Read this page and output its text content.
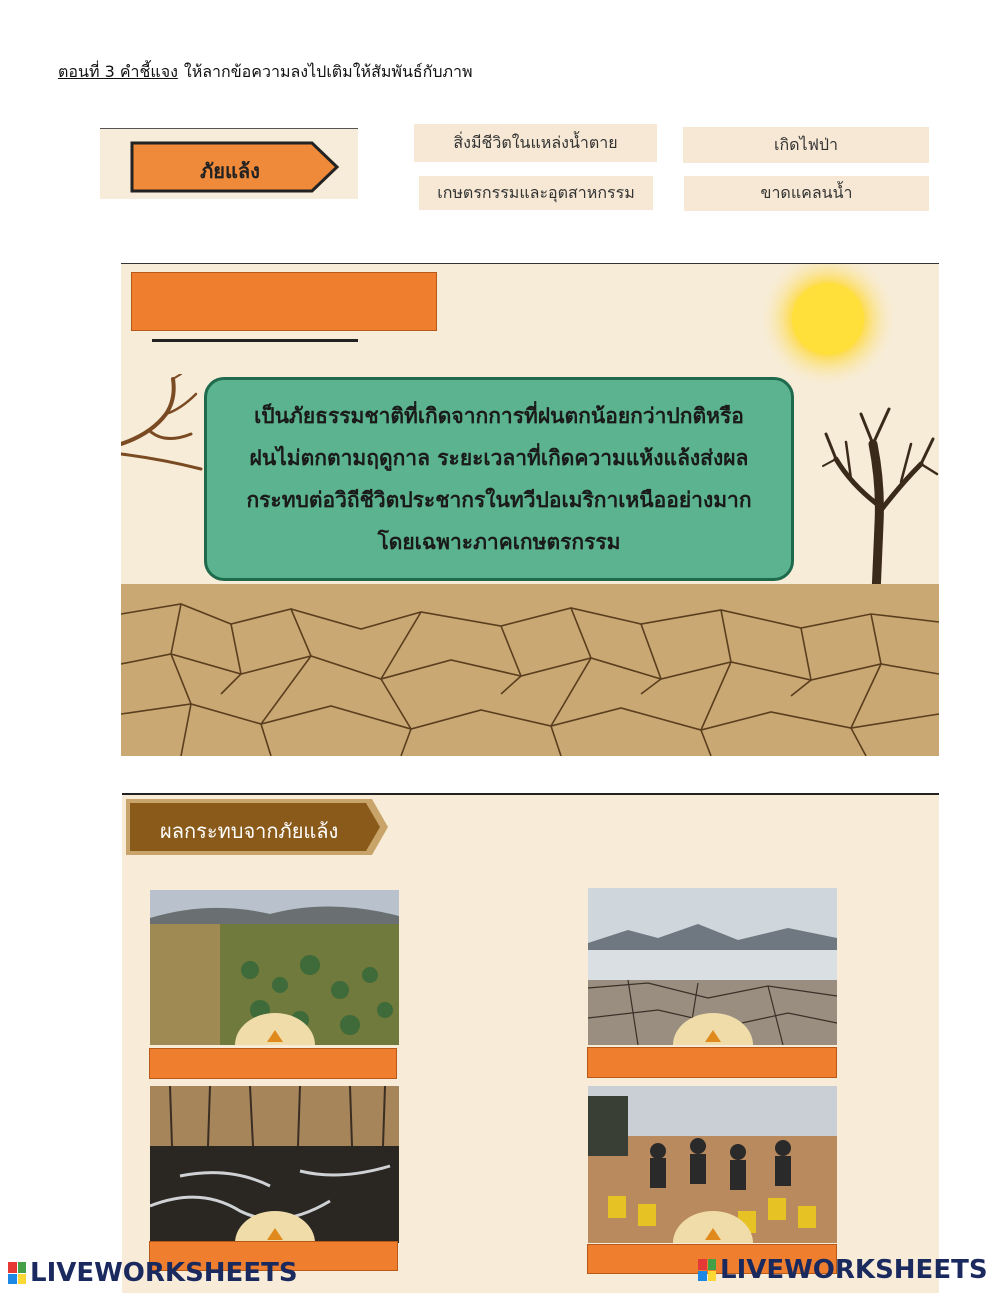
ตอนที่ 3 คำชี้แจง ให้ลากข้อความลงไปเติมให้สัมพันธ์กับภาพ
ภัยแล้ง
สิ่งมีชีวิตในแหล่งน้ำตาย	เกิดไฟป่า
เกษตรกรรมและอุตสาหกรรม	ขาดแคลนน้ำ
เป็นภัยธรรมชาติที่เกิดจากการที่ฝนตกน้อยกว่าปกติหรือ
ฝนไม่ตกตามฤดูกาล ระยะเวลาที่เกิดความแห้งแล้งส่งผล
กระทบต่อวิถีชีวิตประชากรในทวีปอเมริกาเหนืออย่างมาก
โดยเฉพาะภาคเกษตรกรรม
ผลกระทบจากภัยแล้ง
LIVEWORKSHEETS	LIVEWORKSHEETS
